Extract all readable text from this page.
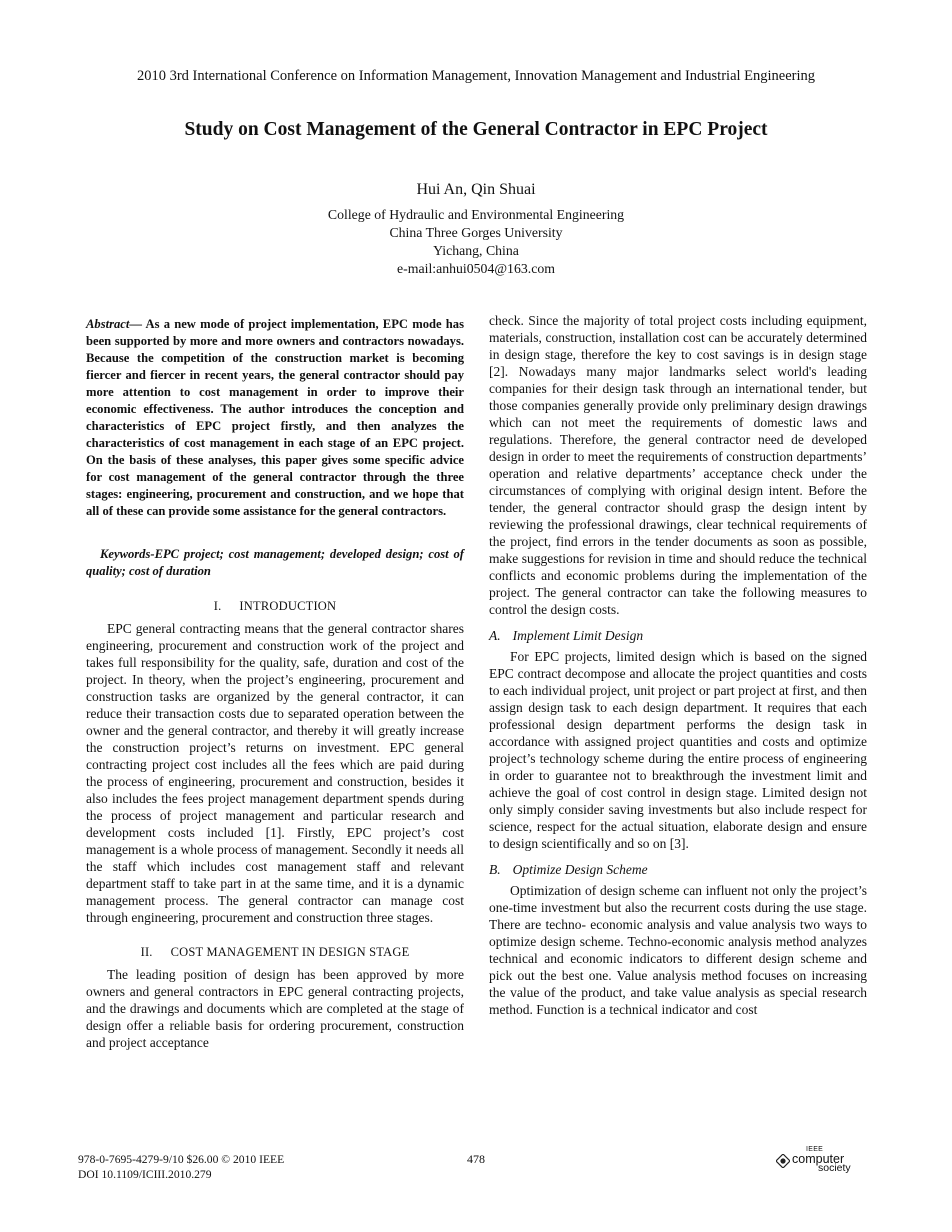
2010 3rd International Conference on Information Management, Innovation Management and Industrial Engineering
Study on Cost Management of the General Contractor in EPC Project
Hui An, Qin Shuai
College of Hydraulic and Environmental Engineering
China Three Gorges University
Yichang, China
e-mail:anhui0504@163.com

Abstract— As a new mode of project implementation, EPC mode has been supported by more and more owners and contractors nowadays. Because the competition of the construction market is becoming fiercer and fiercer in recent years, the general contractor should pay more attention to cost management in order to improve their economic effectiveness. The author introduces the conception and characteristics of EPC project firstly, and then analyzes the characteristics of cost management in each stage of an EPC project. On the basis of these analyses, this paper gives some specific advice for cost management of the general contractor through the three stages: engineering, procurement and construction, and we hope that all of these can provide some assistance for the general contractors.

Keywords-EPC project; cost management; developed design; cost of quality; cost of duration

I. INTRODUCTION

EPC general contracting means that the general contractor shares engineering, procurement and construction work of the project and takes full responsibility for the quality, safe, duration and cost of the project. In theory, when the project’s engineering, procurement and construction tasks are organized by the general contractor, it can reduce their transaction costs due to separated operation between the owner and the general contractor, and thereby it will greatly increase the construction project’s returns on investment. EPC general contracting project cost includes all the fees which are paid during the process of engineering, procurement and construction, besides it also includes the fees project management department spends during the process of project management and particular research and development costs included [1]. Firstly, EPC project’s cost management is a whole process of management. Secondly it needs all the staff which includes cost management staff and relevant department staff to take part in at the same time, and it is a dynamic management process. The general contractor can manage cost through engineering, procurement and construction three stages.

II. COST MANAGEMENT IN DESIGN STAGE

The leading position of design has been approved by more owners and general contractors in EPC general contracting projects, and the drawings and documents which are completed at the stage of design offer a reliable basis for ordering procurement, construction and project acceptance

check. Since the majority of total project costs including equipment, materials, construction, installation cost can be accurately determined in design stage, therefore the key to cost savings is in design stage [2]. Nowadays many major landmarks select world's leading companies for their design task through an international tender, but those companies generally provide only preliminary design drawings which can not meet the requirements of domestic laws and regulations. Therefore, the general contractor need de developed design in order to meet the requirements of construction departments’ operation and relative departments’ acceptance check under the circumstances of complying with original design intent. Before the tender, the general contractor should grasp the design intent by reviewing the professional drawings, clear technical requirements of the project, find errors in the tender documents as soon as possible, make suggestions for revision in time and should reduce the technical conflicts and economic problems during the implementation of the project. The general contractor can take the following measures to control the design costs.

A. Implement Limit Design

For EPC projects, limited design which is based on the signed EPC contract decompose and allocate the project quantities and costs to each individual project, unit project or part project at first, and then assign design task to each design department. It requires that each professional design department performs the design task in accordance with assigned project quantities and costs and optimize project’s technology scheme during the entire process of engineering in order to guarantee not to breakthrough the investment limit and achieve the goal of cost control in design stage. Limited design not only simply consider saving investments but also include respect for science, respect for the actual situation, elaborate design and ensure to design scientifically and so on [3].

B. Optimize Design Scheme

Optimization of design scheme can influent not only the project’s one-time investment but also the recurrent costs during the use stage. There are techno- economic analysis and value analysis two ways to optimize design scheme. Techno-economic analysis method analyzes technical and economic indicators to different design scheme and pick out the best one. Value analysis method focuses on increasing the value of the product, and take value analysis as special research method. Function is a technical indicator and cost

978-0-7695-4279-9/10 $26.00 © 2010 IEEE
DOI 10.1109/ICIII.2010.279
478
IEEE
computer
society
